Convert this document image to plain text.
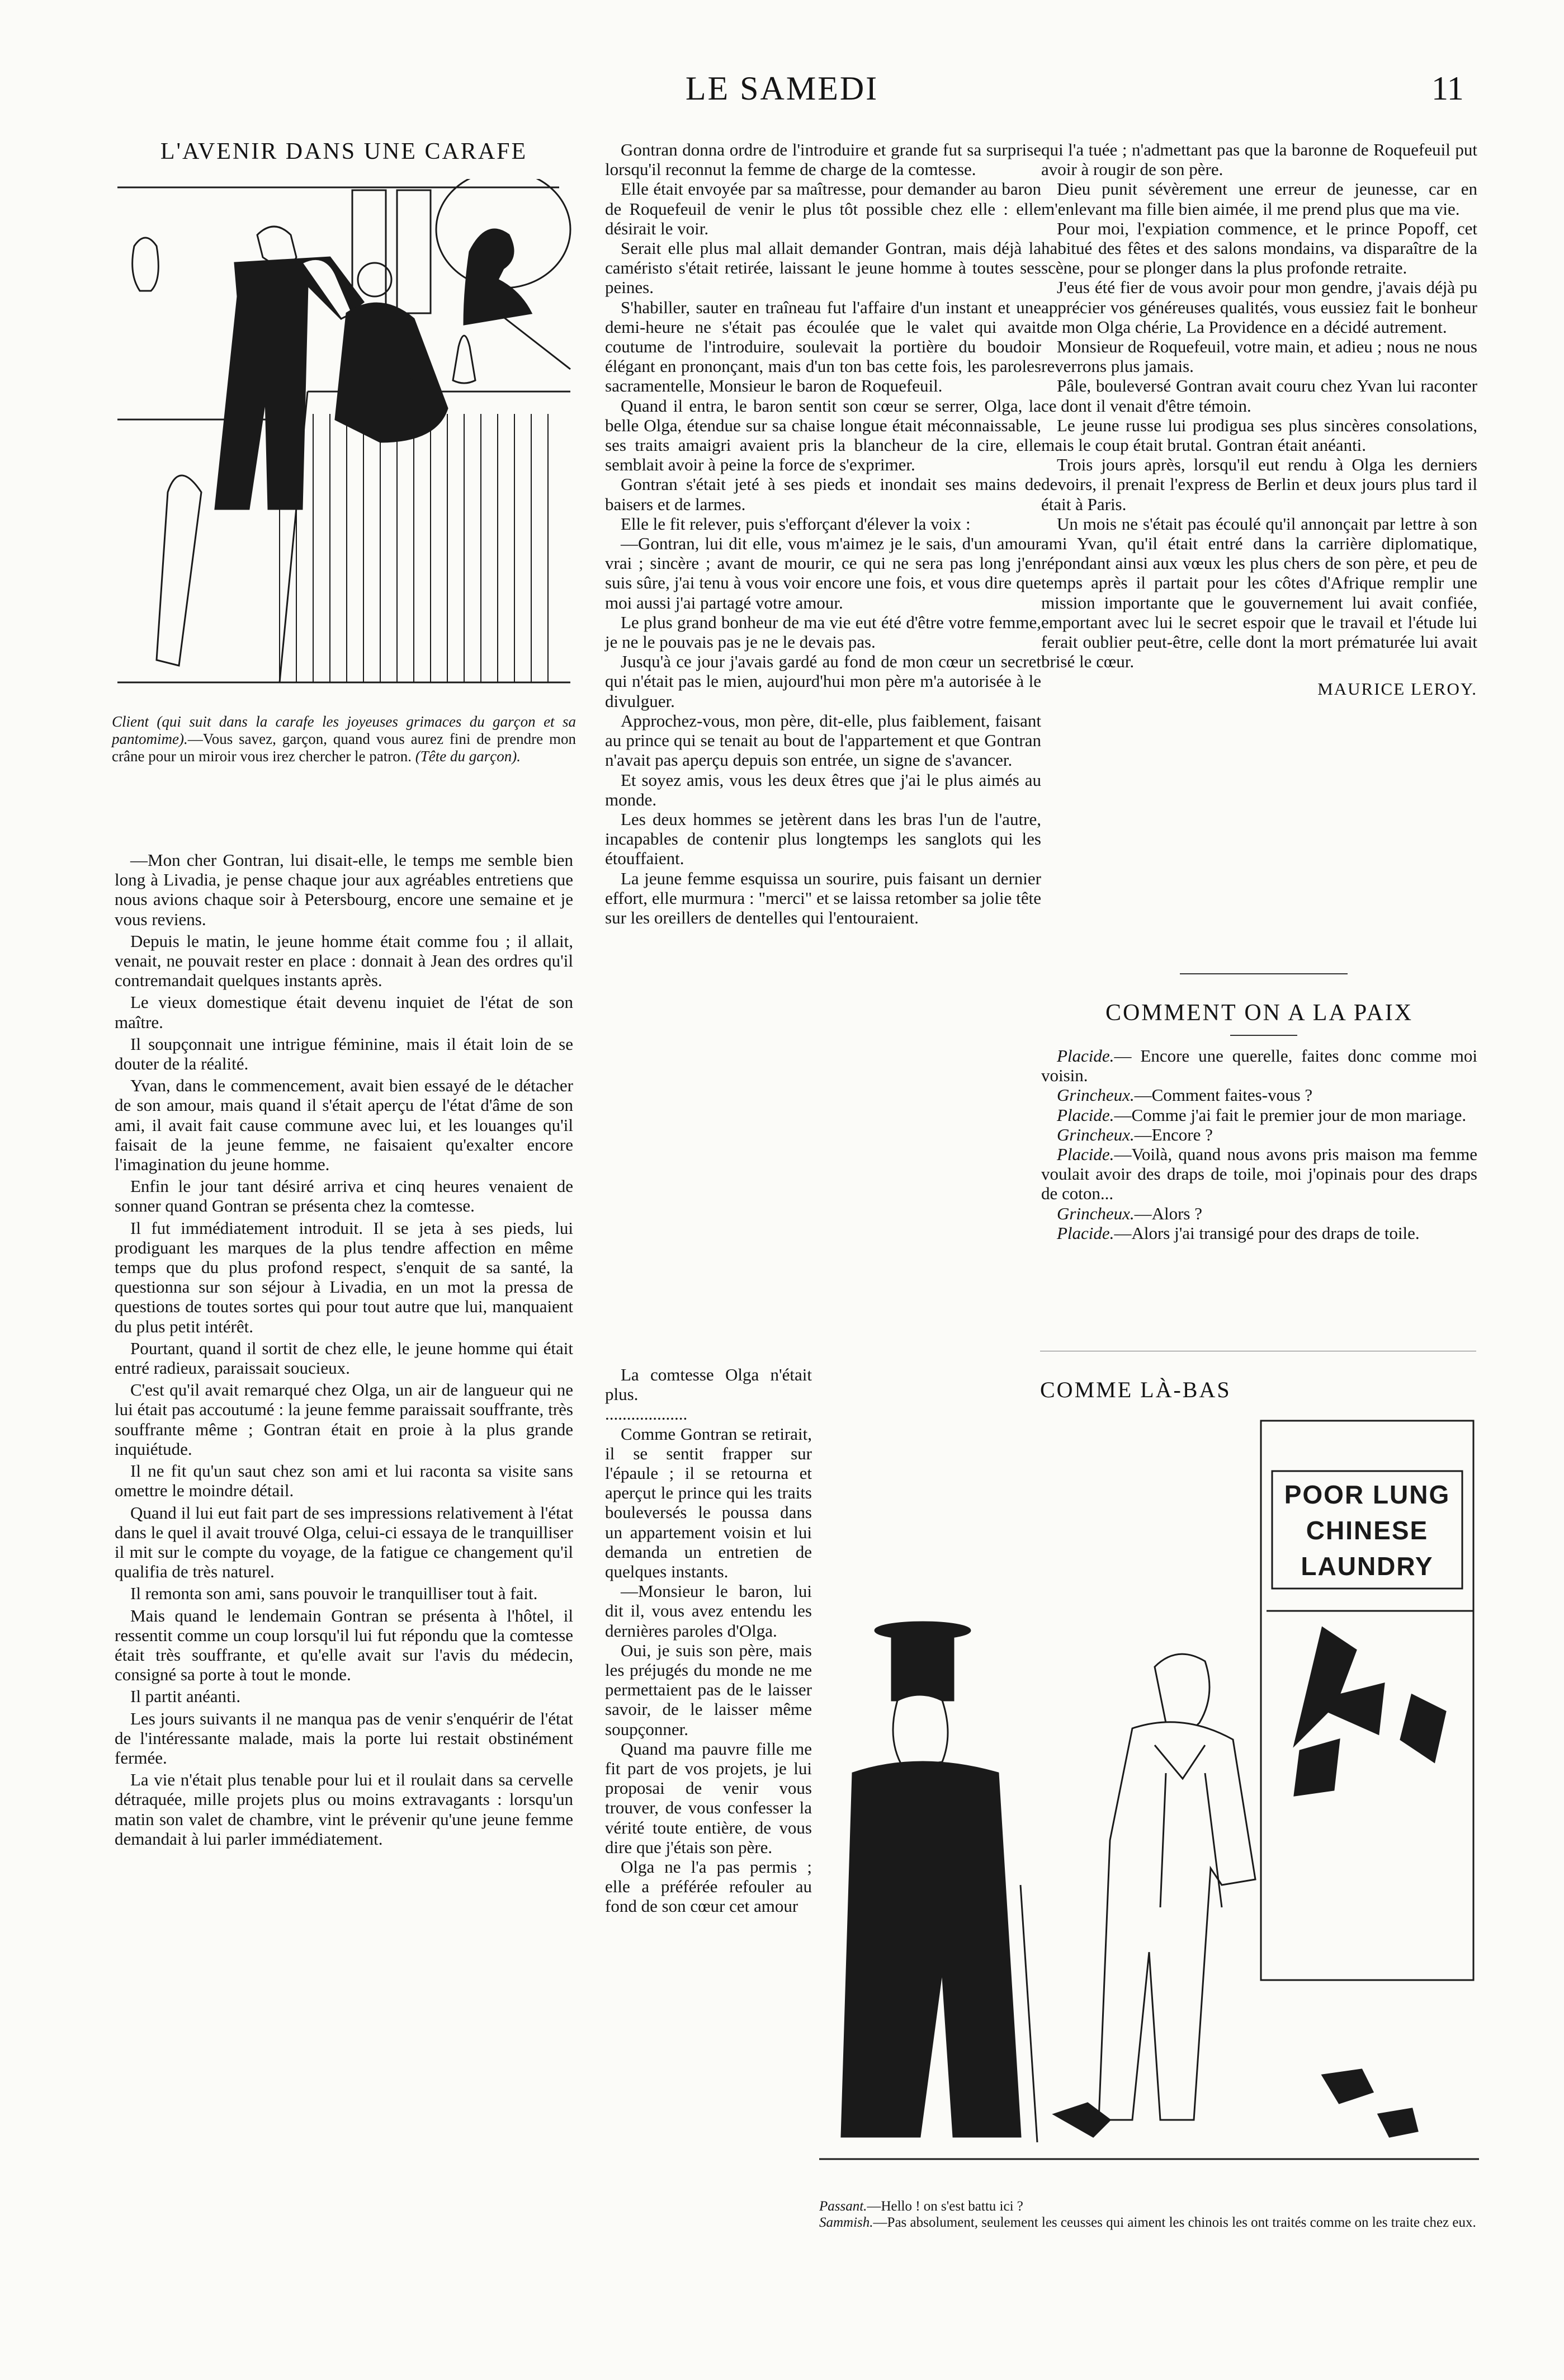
LE SAMEDI	11
L'AVENIR DANS UNE CARAFE
Client (qui suit dans la carafe les joyeuses grimaces du garçon et sa pantomime).—Vous savez, garçon, quand vous aurez fini de prendre mon crâne pour un miroir vous irez chercher le patron. (Tête du garçon).

—Mon cher Gontran, lui disait-elle, le temps me semble bien long à Livadia, je pense chaque jour aux agréables entretiens que nous avions chaque soir à Petersbourg, encore une semaine et je vous reviens.

Depuis le matin, le jeune homme était comme fou ; il allait, venait, ne pouvait rester en place : donnait à Jean des ordres qu'il contremandait quelques instants après.

Le vieux domestique était devenu inquiet de l'état de son maître.

Il soupçonnait une intrigue féminine, mais il était loin de se douter de la réalité.

Yvan, dans le commencement, avait bien essayé de le détacher de son amour, mais quand il s'était aperçu de l'état d'âme de son ami, il avait fait cause commune avec lui, et les louanges qu'il faisait de la jeune femme, ne faisaient qu'exalter encore l'imagination du jeune homme.

Enfin le jour tant désiré arriva et cinq heures venaient de sonner quand Gontran se présenta chez la comtesse.

Il fut immédiatement introduit. Il se jeta à ses pieds, lui prodiguant les marques de la plus tendre affection en même temps que du plus profond respect, s'enquit de sa santé, la questionna sur son séjour à Livadia, en un mot la pressa de questions de toutes sortes qui pour tout autre que lui, manquaient du plus petit intérêt.

Pourtant, quand il sortit de chez elle, le jeune homme qui était entré radieux, paraissait soucieux.

C'est qu'il avait remarqué chez Olga, un air de langueur qui ne lui était pas accoutumé : la jeune femme paraissait souffrante, très souffrante même ; Gontran était en proie à la plus grande inquiétude.

Il ne fit qu'un saut chez son ami et lui raconta sa visite sans omettre le moindre détail.

Quand il lui eut fait part de ses impressions relativement à l'état dans le quel il avait trouvé Olga, celui-ci essaya de le tranquilliser il mit sur le compte du voyage, de la fatigue ce changement qu'il qualifia de très naturel.

Il remonta son ami, sans pouvoir le tranquilliser tout à fait.

Mais quand le lendemain Gontran se présenta à l'hôtel, il ressentit comme un coup lorsqu'il lui fut répondu que la comtesse était très souffrante, et qu'elle avait sur l'avis du médecin, consigné sa porte à tout le monde.

Il partit anéanti.

Les jours suivants il ne manqua pas de venir s'enquérir de l'état de l'intéressante malade, mais la porte lui restait obstinément fermée.

La vie n'était plus tenable pour lui et il roulait dans sa cervelle détraquée, mille projets plus ou moins extravagants : lorsqu'un matin son valet de chambre, vint le prévenir qu'une jeune femme demandait à lui parler immédiatement.

Gontran donna ordre de l'introduire et grande fut sa surprise lorsqu'il reconnut la femme de charge de la comtesse.

Elle était envoyée par sa maîtresse, pour demander au baron de Roquefeuil de venir le plus tôt possible chez elle : elle désirait le voir.

Serait elle plus mal allait demander Gontran, mais déjà la caméristo s'était retirée, laissant le jeune homme à toutes ses peines.

S'habiller, sauter en traîneau fut l'affaire d'un instant et une demi-heure ne s'était pas écoulée que le valet qui avait coutume de l'introduire, soulevait la portière du boudoir élégant en prononçant, mais d'un ton bas cette fois, les paroles sacramentelle, Monsieur le baron de Roquefeuil.

Quand il entra, le baron sentit son cœur se serrer, Olga, la belle Olga, étendue sur sa chaise longue était méconnaissable, ses traits amaigri avaient pris la blancheur de la cire, elle semblait avoir à peine la force de s'exprimer.

Gontran s'était jeté à ses pieds et inondait ses mains de baisers et de larmes.

Elle le fit relever, puis s'efforçant d'élever la voix :

—Gontran, lui dit elle, vous m'aimez je le sais, d'un amour vrai ; sincère ; avant de mourir, ce qui ne sera pas long j'en suis sûre, j'ai tenu à vous voir encore une fois, et vous dire que moi aussi j'ai partagé votre amour.

Le plus grand bonheur de ma vie eut été d'être votre femme, je ne le pouvais pas je ne le devais pas.

Jusqu'à ce jour j'avais gardé au fond de mon cœur un secret qui n'était pas le mien, aujourd'hui mon père m'a autorisée à le divulguer.

Approchez-vous, mon père, dit-elle, plus faiblement, faisant au prince qui se tenait au bout de l'appartement et que Gontran n'avait pas aperçu depuis son entrée, un signe de s'avancer.

Et soyez amis, vous les deux êtres que j'ai le plus aimés au monde.

Les deux hommes se jetèrent dans les bras l'un de l'autre, incapables de contenir plus longtemps les sanglots qui les étouffaient.

La jeune femme esquissa un sourire, puis faisant un dernier effort, elle murmura : "merci" et se laissa retomber sa jolie tête sur les oreillers de dentelles qui l'entouraient.

La comtesse Olga n'était plus.

...................

Comme Gontran se retirait, il se sentit frapper sur l'épaule ; il se retourna et aperçut le prince qui les traits bouleversés le poussa dans un appartement voisin et lui demanda un entretien de quelques instants.

—Monsieur le baron, lui dit il, vous avez entendu les dernières paroles d'Olga.

Oui, je suis son père, mais les préjugés du monde ne me permettaient pas de le laisser savoir, de le laisser même soupçonner.

Quand ma pauvre fille me fit part de vos projets, je lui proposai de venir vous trouver, de vous confesser la vérité toute entière, de vous dire que j'étais son père.

Olga ne l'a pas permis ; elle a préférée refouler au fond de son cœur cet amour

qui l'a tuée ; n'admettant pas que la baronne de Roquefeuil put avoir à rougir de son père.

Dieu punit sévèrement une erreur de jeunesse, car en m'enlevant ma fille bien aimée, il me prend plus que ma vie.

Pour moi, l'expiation commence, et le prince Popoff, cet habitué des fêtes et des salons mondains, va disparaître de la scène, pour se plonger dans la plus profonde retraite.

J'eus été fier de vous avoir pour mon gendre, j'avais déjà pu apprécier vos généreuses qualités, vous eussiez fait le bonheur de mon Olga chérie, La Providence en a décidé autrement.

Monsieur de Roquefeuil, votre main, et adieu ; nous ne nous reverrons plus jamais.

Pâle, bouleversé Gontran avait couru chez Yvan lui raconter ce dont il venait d'être témoin.

Le jeune russe lui prodigua ses plus sincères consolations, mais le coup était brutal. Gontran était anéanti.

Trois jours après, lorsqu'il eut rendu à Olga les derniers devoirs, il prenait l'express de Berlin et deux jours plus tard il était à Paris.

Un mois ne s'était pas écoulé qu'il annonçait par lettre à son ami Yvan, qu'il était entré dans la carrière diplomatique, répondant ainsi aux vœux les plus chers de son père, et peu de temps après il partait pour les côtes d'Afrique remplir une mission importante que le gouvernement lui avait confiée, emportant avec lui le secret espoir que le travail et l'étude lui ferait oublier peut-être, celle dont la mort prématurée lui avait brisé le cœur.

MAURICE LEROY.
COMMENT ON A LA PAIX

Placide.— Encore une querelle, faites donc comme moi voisin.

Grincheux.—Comment faites-vous ?

Placide.—Comme j'ai fait le premier jour de mon mariage.

Grincheux.—Encore ?

Placide.—Voilà, quand nous avons pris maison ma femme voulait avoir des draps de toile, moi j'opinais pour des draps de coton...

Grincheux.—Alors ?

Placide.—Alors j'ai transigé pour des draps de toile.

COMME LÀ-BAS
POOR LUNG
CHINESE
LAUNDRY
Passant.—Hello ! on s'est battu ici ?
Sammish.—Pas absolument, seulement les ceusses qui aiment les chinois les ont traités comme on les traite chez eux.
